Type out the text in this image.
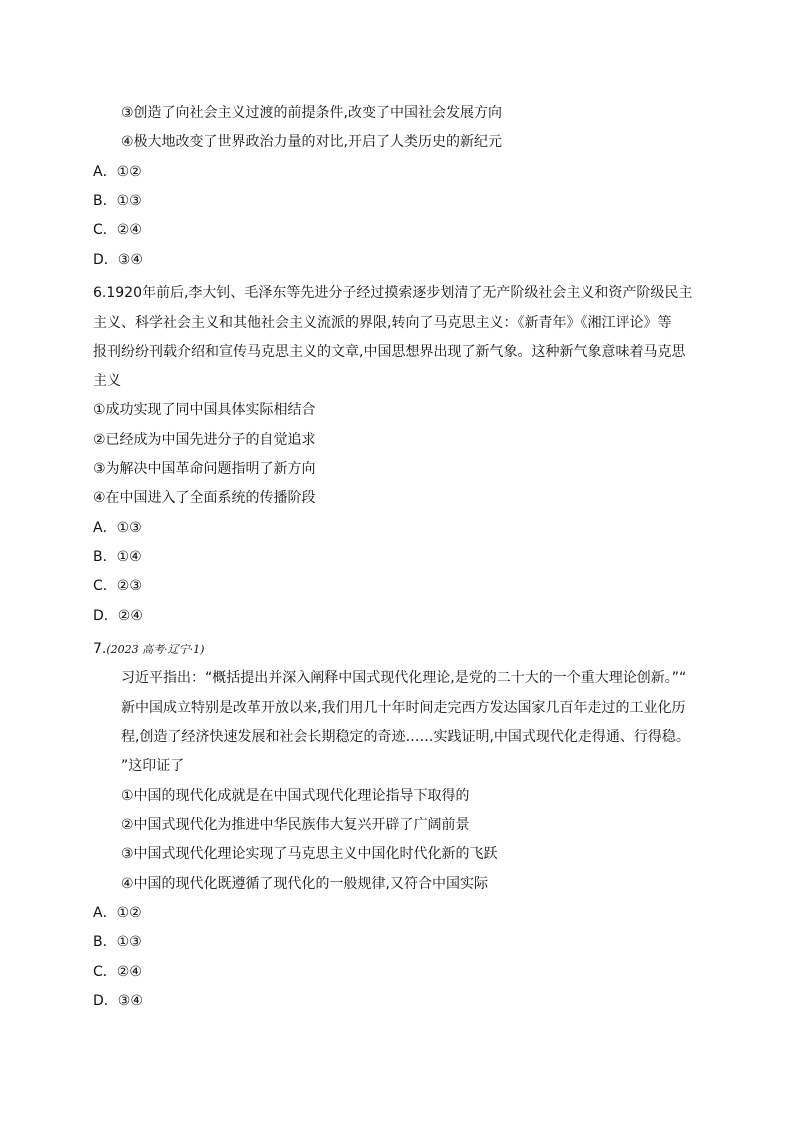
③创造了向社会主义过渡的前提条件,改变了中国社会发展方向
④极大地改变了世界政治力量的对比,开启了人类历史的新纪元
A．①②
B．①③
C．②④
D．③④
6.1920年前后,李大钊、毛泽东等先进分子经过摸索逐步划清了无产阶级社会主义和资产阶级民主
主义、科学社会主义和其他社会主义流派的界限,转向了马克思主义：《新青年》《湘江评论》等
报刊纷纷刊载介绍和宣传马克思主义的文章,中国思想界出现了新气象。这种新气象意味着马克思
主义
①成功实现了同中国具体实际相结合
②已经成为中国先进分子的自觉追求
③为解决中国革命问题指明了新方向
④在中国进入了全面系统的传播阶段
A．①③
B．①④
C．②③
D．②④
7.(2023 高考·辽宁·1)
习近平指出：“概括提出并深入阐释中国式现代化理论,是党的二十大的一个重大理论创新。”“
新中国成立特别是改革开放以来,我们用几十年时间走完西方发达国家几百年走过的工业化历
程,创造了经济快速发展和社会长期稳定的奇迹……实践证明,中国式现代化走得通、行得稳。
”这印证了
①中国的现代化成就是在中国式现代化理论指导下取得的
②中国式现代化为推进中华民族伟大复兴开辟了广阔前景
③中国式现代化理论实现了马克思主义中国化时代化新的飞跃
④中国的现代化既遵循了现代化的一般规律,又符合中国实际
A．①②
B．①③
C．②④
D．③④
